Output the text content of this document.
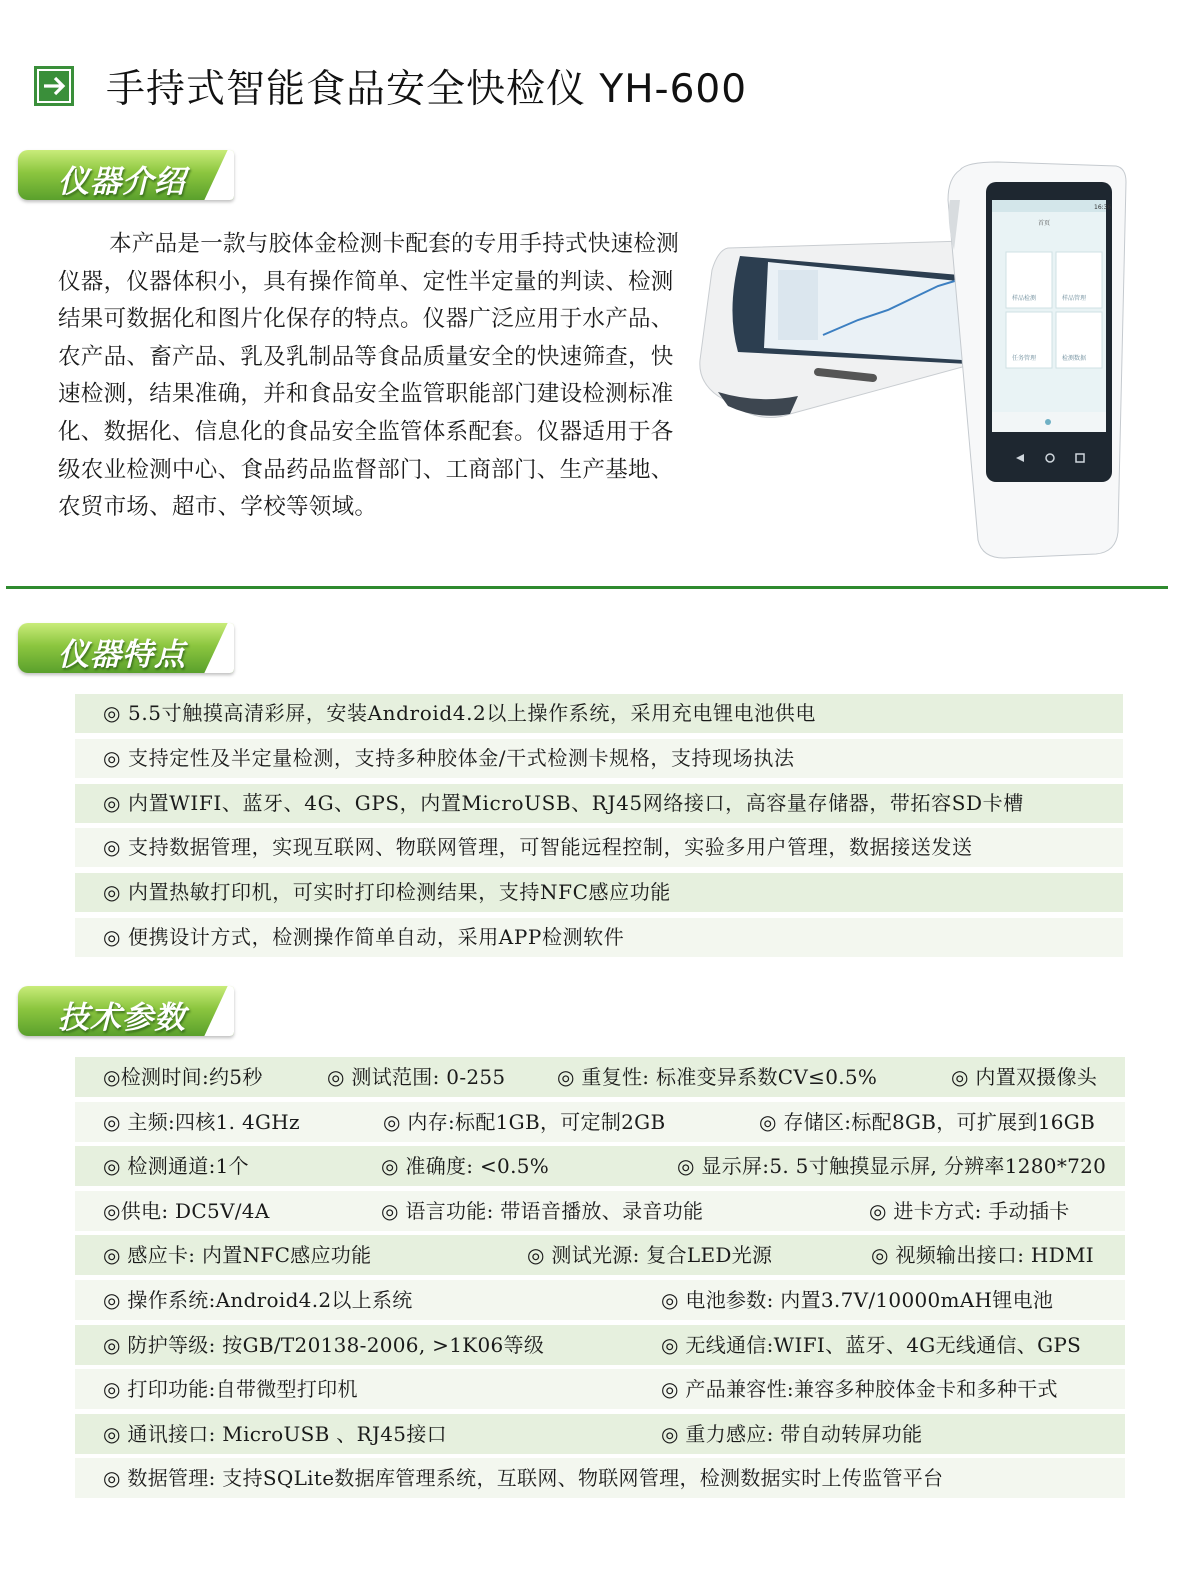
手持式智能食品安全快检仪 YH-600
仪器介绍
本产品是一款与胶体金检测卡配套的专用手持式快速检测仪器，仪器体积小，具有操作简单、定性半定量的判读、检测结果可数据化和图片化保存的特点。仪器广泛应用于水产品、农产品、畜产品、乳及乳制品等食品质量安全的快速筛查，快速检测，结果准确，并和食品安全监管职能部门建设检测标准化、数据化、信息化的食品安全监管体系配套。仪器适用于各级农业检测中心、食品药品监督部门、工商部门、生产基地、农贸市场、超市、学校等领域。
16:36
首页
样品检测	样品管理
任务管理	检测数据
仪器特点
◎ 5.5寸触摸高清彩屏，安装Android4.2以上操作系统，采用充电锂电池供电
◎ 支持定性及半定量检测，支持多种胶体金/干式检测卡规格，支持现场执法
◎ 内置WIFI、蓝牙、4G、GPS，内置MicroUSB、RJ45网络接口，高容量存储器，带拓容SD卡槽
◎ 支持数据管理，实现互联网、物联网管理，可智能远程控制，实验多用户管理，数据接送发送
◎ 内置热敏打印机，可实时打印检测结果，支持NFC感应功能
◎ 便携设计方式，检测操作简单自动，采用APP检测软件
技术参数
◎检测时间:约5秒	◎ 测试范围: 0-255	◎ 重复性: 标准变异系数CV≤0.5%	◎ 内置双摄像头
◎ 主频:四核1. 4GHz	◎ 内存:标配1GB，可定制2GB	◎ 存储区:标配8GB，可扩展到16GB
◎ 检测通道:1个	◎ 准确度: <0.5%	◎ 显示屏:5. 5寸触摸显示屏, 分辨率1280*720
◎供电: DC5V/4A	◎ 语言功能: 带语音播放、录音功能	◎ 进卡方式: 手动插卡
◎ 感应卡: 内置NFC感应功能	◎ 测试光源: 复合LED光源	◎ 视频输出接口: HDMI
◎ 操作系统:Android4.2以上系统	◎ 电池参数: 内置3.7V/10000mAH锂电池
◎ 防护等级: 按GB/T20138-2006, >1K06等级	◎ 无线通信:WIFI、蓝牙、4G无线通信、GPS
◎ 打印功能:自带微型打印机	◎ 产品兼容性:兼容多种胶体金卡和多种干式
◎ 通讯接口: MicroUSB 、RJ45接口	◎ 重力感应: 带自动转屏功能
◎ 数据管理: 支持SQLite数据库管理系统，互联网、物联网管理，检测数据实时上传监管平台
